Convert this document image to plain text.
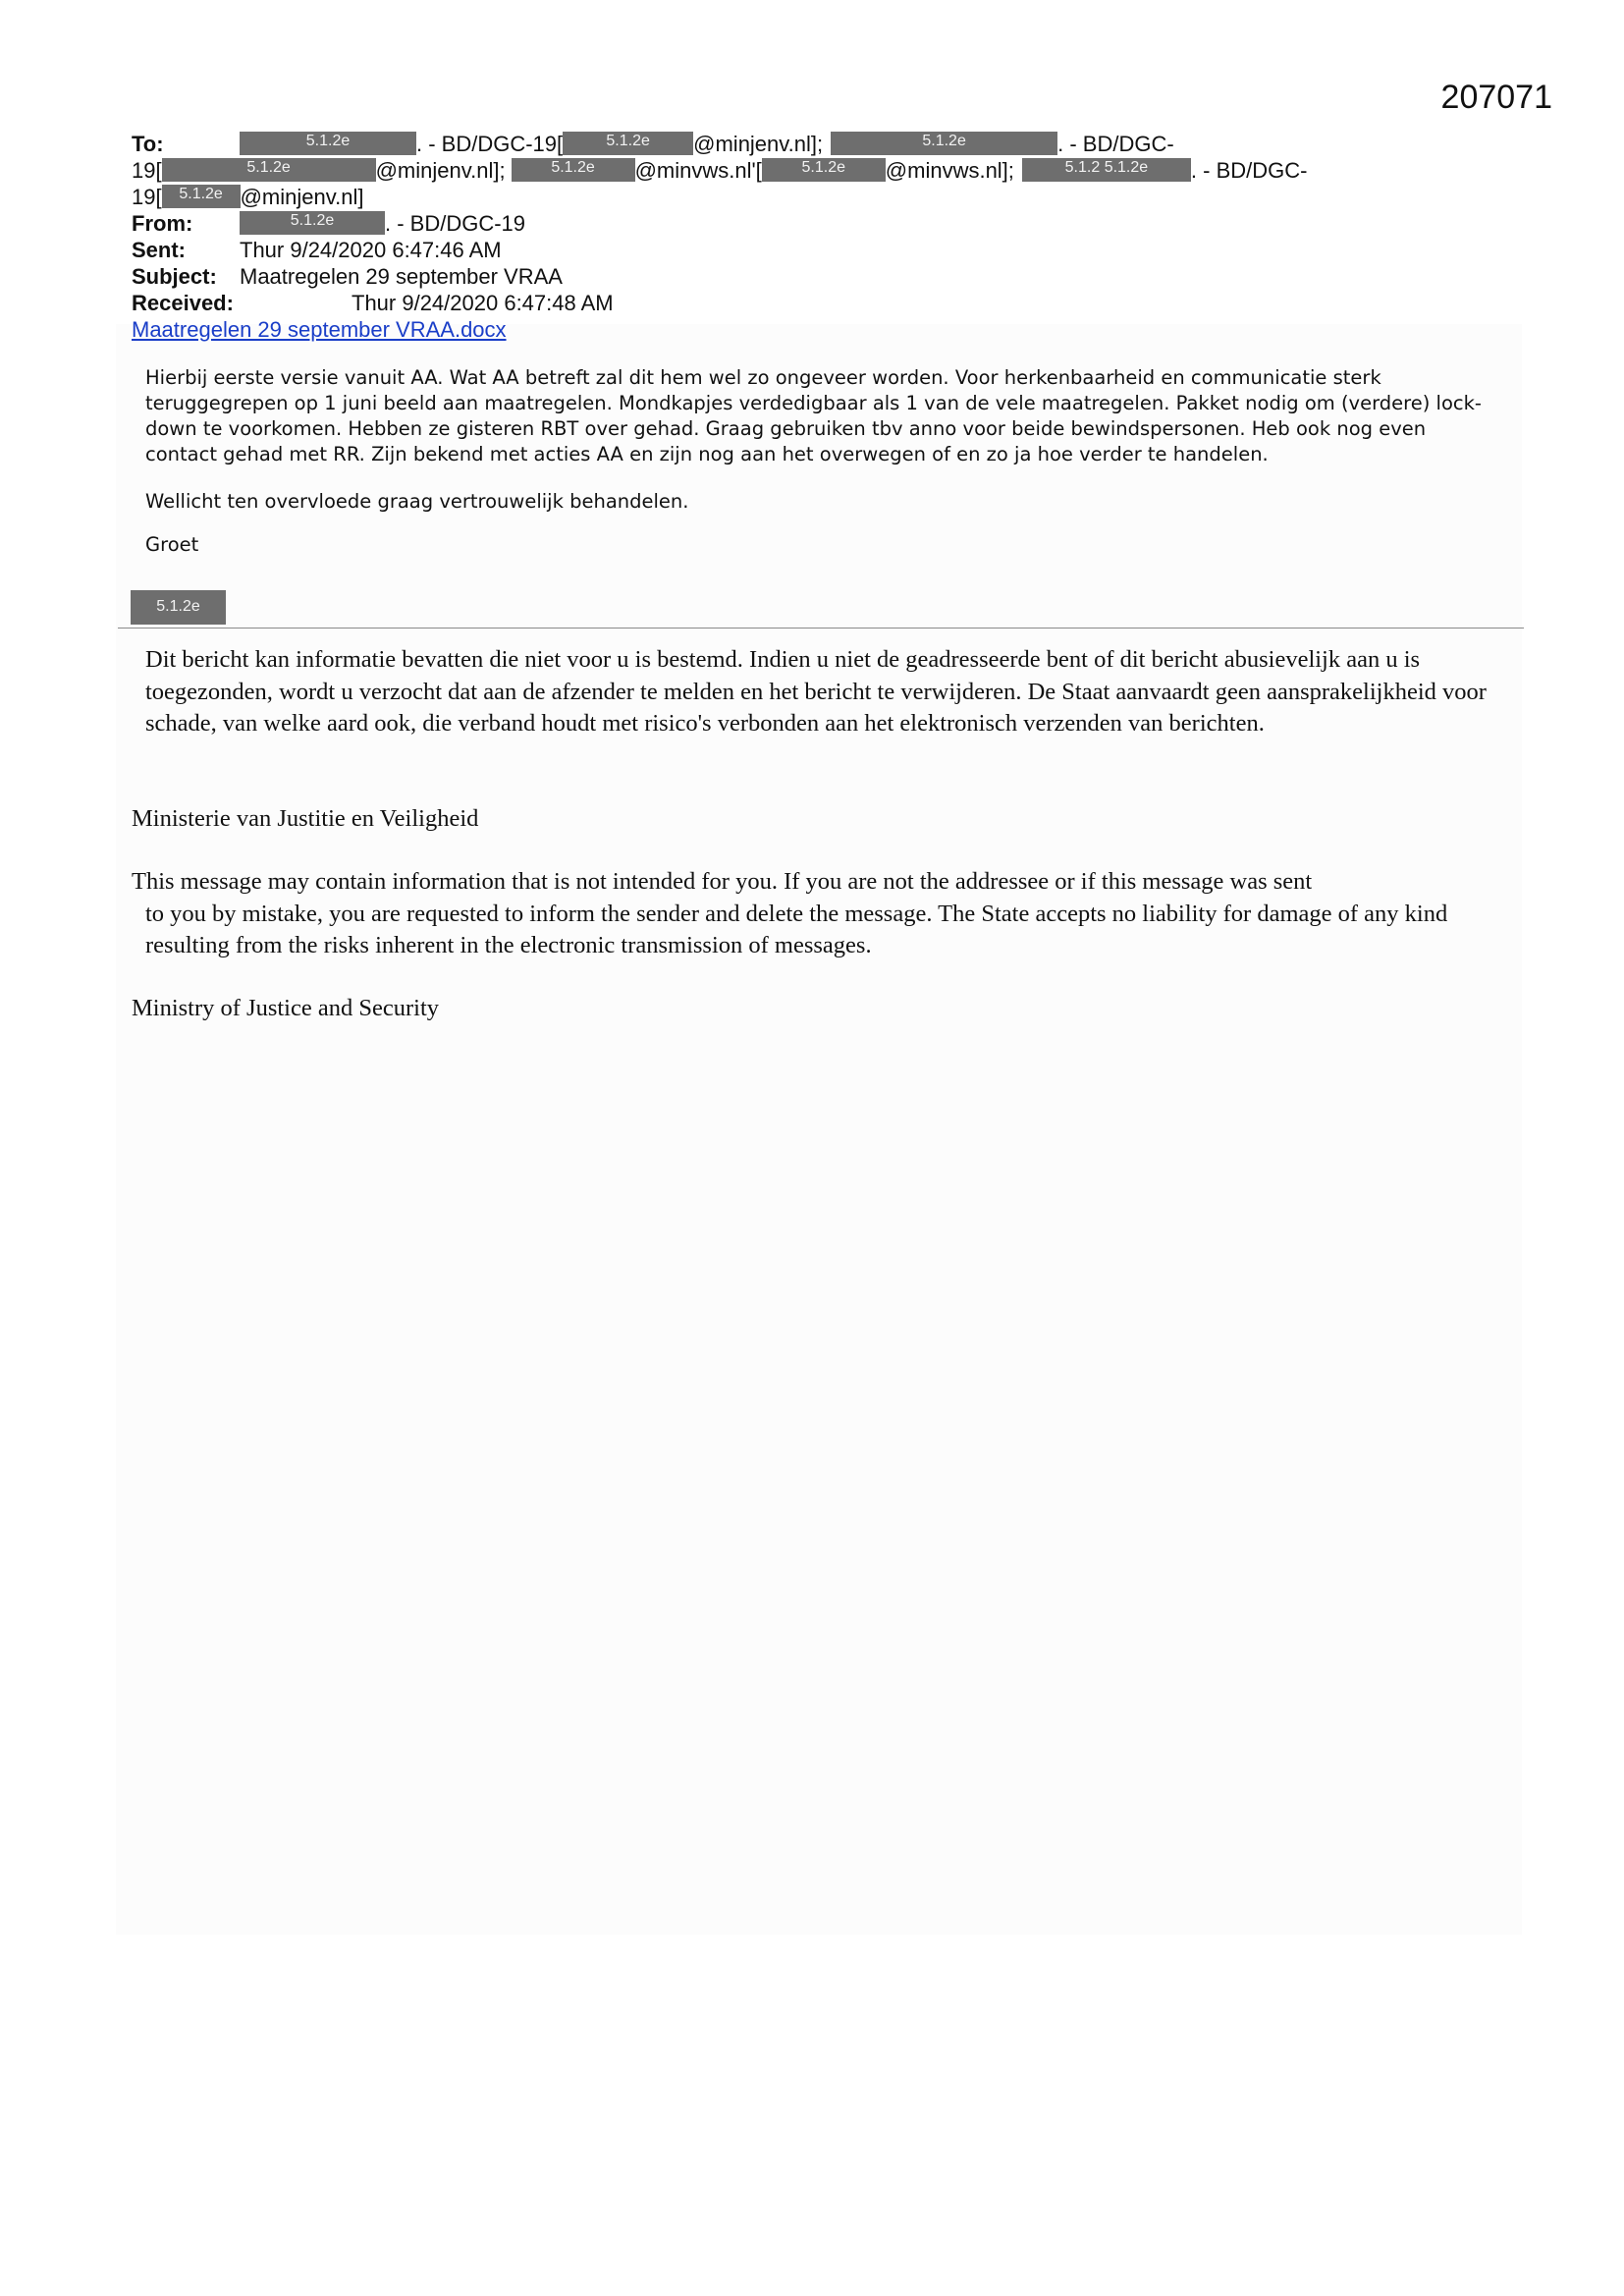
207071
To:	5.1.2e	. - BD/DGC-19[	5.1.2e @minjenv.nl];	5.1.2e	. - BD/DGC-
19[	5.1.2e	@minjenv.nl];	5.1.2e @minvws.nl'[	5.1.2e @minvws.nl];	5.1.2 5.1.2e . - BD/DGC-
19[ 5.1.2e @minjenv.nl]
From:	5.1.2e . - BD/DGC-19
Sent:	Thur 9/24/2020 6:47:46 AM
Subject: Maatregelen 29 september VRAA
Received:	Thur 9/24/2020 6:47:48 AM
Maatregelen 29 september VRAA.docx

Hierbij eerste versie vanuit AA. Wat AA betreft zal dit hem wel zo ongeveer worden. Voor herkenbaarheid en communicatie sterk teruggegrepen op 1 juni beeld aan maatregelen. Mondkapjes verdedigbaar als 1 van de vele maatregelen. Pakket nodig om (verdere) lock-down te voorkomen. Hebben ze gisteren RBT over gehad. Graag gebruiken tbv anno voor beide bewindspersonen. Heb ook nog even contact gehad met RR. Zijn bekend met acties AA en zijn nog aan het overwegen of en zo ja hoe verder te handelen.

Wellicht ten overvloede graag vertrouwelijk behandelen.

Groet
5.1.2e
Dit bericht kan informatie bevatten die niet voor u is bestemd. Indien u niet de geadresseerde bent of dit bericht abusievelijk aan u is toegezonden, wordt u verzocht dat aan de afzender te melden en het bericht te verwijderen. De Staat aanvaardt geen aansprakelijkheid voor schade, van welke aard ook, die verband houdt met risico's verbonden aan het elektronisch verzenden van berichten.
Ministerie van Justitie en Veiligheid
This message may contain information that is not intended for you. If you are not the addressee or if this message was sent
to you by mistake, you are requested to inform the sender and delete the message. The State accepts no liability for damage of any kind resulting from the risks inherent in the electronic transmission of messages.
Ministry of Justice and Security
